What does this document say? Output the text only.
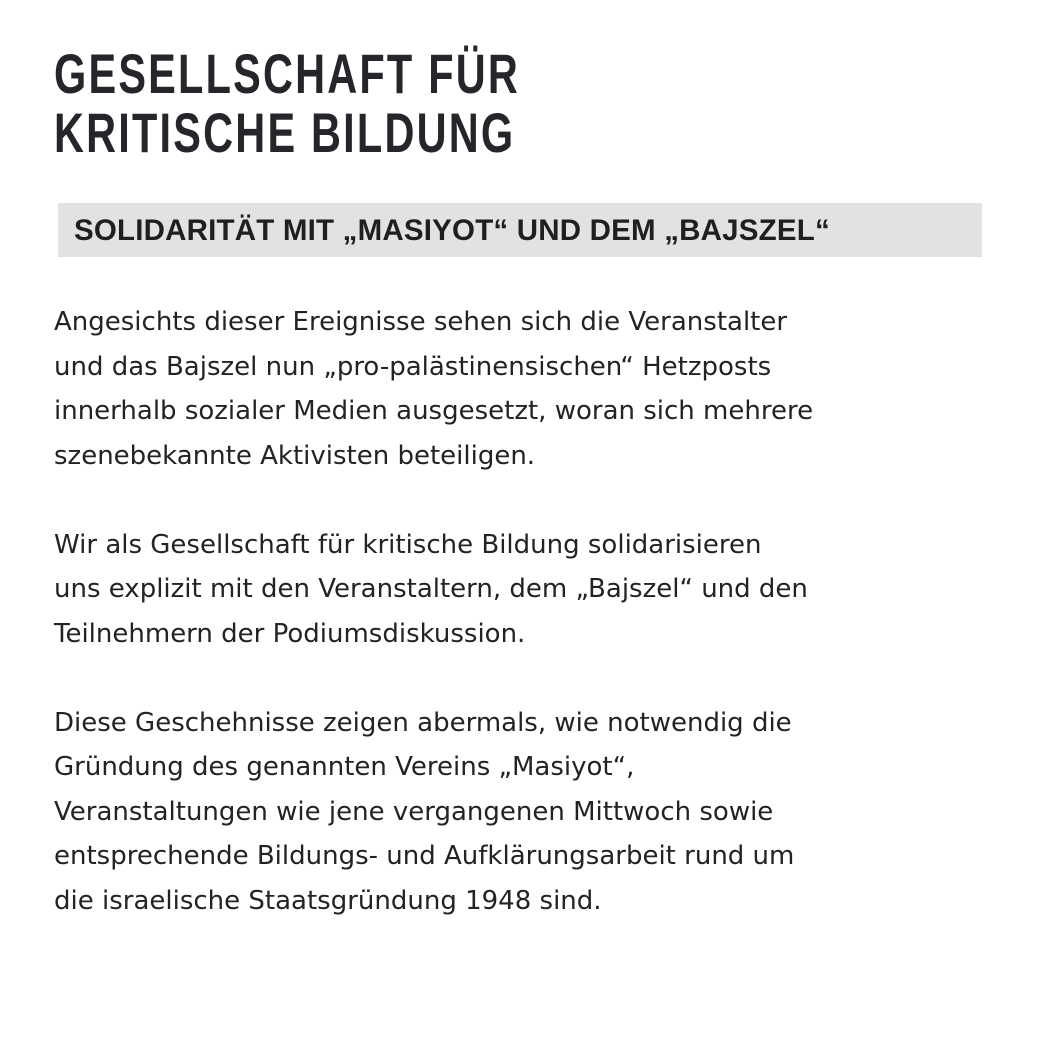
GESELLSCHAFT FÜR
KRITISCHE BILDUNG
SOLIDARITÄT MIT „MASIYOT“ UND DEM „BAJSZEL“
Angesichts dieser Ereignisse sehen sich die Veranstalter
und das Bajszel nun „pro-palästinensischen“ Hetzposts
innerhalb sozialer Medien ausgesetzt, woran sich mehrere
szenebekannte Aktivisten beteiligen.
Wir als Gesellschaft für kritische Bildung solidarisieren
uns explizit mit den Veranstaltern, dem „Bajszel“ und den
Teilnehmern der Podiumsdiskussion.
Diese Geschehnisse zeigen abermals, wie notwendig die
Gründung des genannten Vereins „Masiyot“,
Veranstaltungen wie jene vergangenen Mittwoch sowie
entsprechende Bildungs- und Aufklärungsarbeit rund um
die israelische Staatsgründung 1948 sind.
